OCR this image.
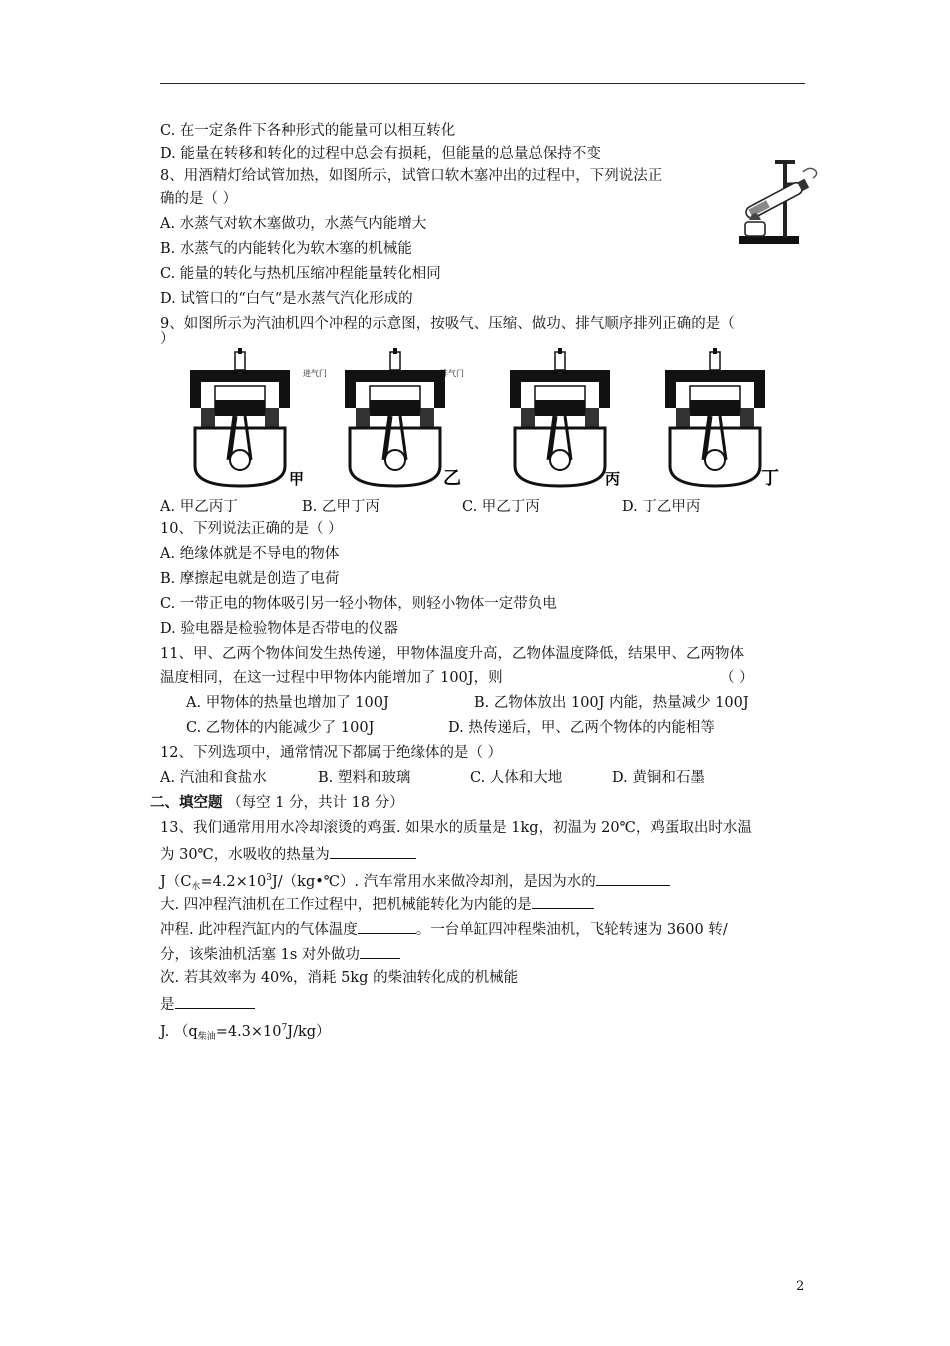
C. 在一定条件下各种形式的能量可以相互转化
D. 能量在转移和转化的过程中总会有损耗，但能量的总量总保持不变
8、用酒精灯给试管加热，如图所示，试管口软木塞冲出的过程中，下列说法正
确的是（ ）
A. 水蒸气对软木塞做功，水蒸气内能增大
B. 水蒸气的内能转化为软木塞的机械能
C. 能量的转化与热机压缩冲程能量转化相同
D. 试管口的“白气“是水蒸气汽化形成的
9、如图所示为汽油机四个冲程的示意图，按吸气、压缩、做功、排气顺序排列正确的是（
）
甲	乙	丙	丁
进气门	排气门
A. 甲乙丙丁	B. 乙甲丁丙	C. 甲乙丁丙	D. 丁乙甲丙
10、下列说法正确的是（ ）
A. 绝缘体就是不导电的物体
B. 摩擦起电就是创造了电荷
C. 一带正电的物体吸引另一轻小物体，则轻小物体一定带负电
D. 验电器是检验物体是否带电的仪器
11、甲、乙两个物体间发生热传递，甲物体温度升高，乙物体温度降低，结果甲、乙两物体
温度相同，在这一过程中甲物体内能增加了 100J，则	（ ）
A. 甲物体的热量也增加了 100J	B. 乙物体放出 100J 内能，热量减少 100J
C. 乙物体的内能减少了 100J	D. 热传递后，甲、乙两个物体的内能相等
12、下列选项中，通常情况下都属于绝缘体的是（ ）
A. 汽油和食盐水	B. 塑料和玻璃	C. 人体和大地	D. 黄铜和石墨
二、填空题 （每空 1 分，共计 18 分）
13、我们通常用用水冷却滚烫的鸡蛋. 如果水的质量是 1kg，初温为 20℃，鸡蛋取出时水温
为 30℃，水吸收的热量为
$J(C_水=4.2\times 10^3J/(kg•℃)$. 汽车常用水来做冷却剂，是因为水的
大. 四冲程汽油机在工作过程中，把机械能转化为内能的是
冲程. 此冲程汽缸内的气体温度	。一台单缸四冲程柴油机，飞轮转速为 3600 转/
分，该柴油机活塞 1s 对外做功
次. 若其效率为 40%，消耗 5kg 的柴油转化成的机械能
是
J. $(q_{柴油}=4.3\times 10^7J/kg)$
2
